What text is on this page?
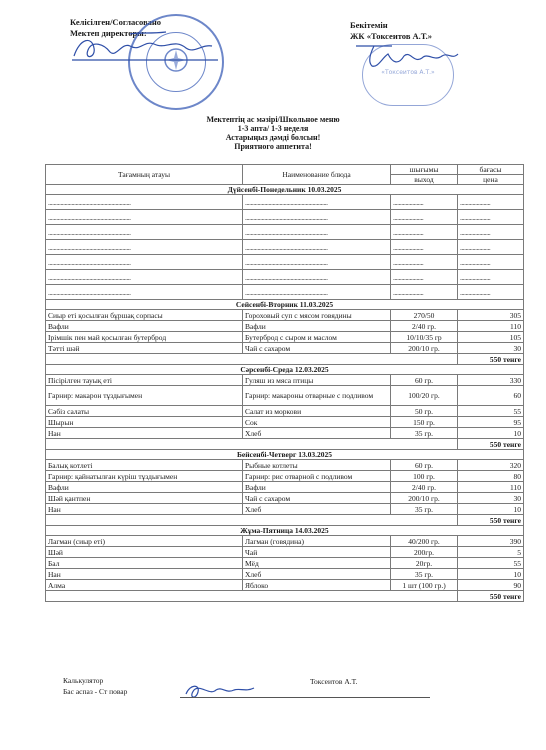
Келісілген/Согласовано
Мектеп директоры:
Бекітемін
ЖК «Токсеитов А.Т.»
«Токсеитов А.Т.»
Мектептің ас мәзірі/Школьное меню
1-3 апта/ 1-3 неделя
Астарыңыз дәмді болсын!
Приятного аппетита!
Тағамның атауы	Наименование блюда	шығымы	бағасы
		выход	цена
Дүйсенбі-Понедельник 10.03.2025			
............................................................	............................................................	......................	......................
............................................................	............................................................	......................	......................
............................................................	............................................................	......................	......................
............................................................	............................................................	......................	......................
............................................................	............................................................	......................	......................
............................................................	............................................................	......................	......................
............................................................	............................................................	......................	......................
Сейсенбі-Вторник 11.03.2025			
Сиыр еті қосылған бұршақ сорпасы	Гороховый суп с мясом говядины	270/50	305
Вафли	Вафли	2/40 гр.	110
Ірімшік пен май қосылған бутерброд	Бутерброд с сыром и маслом	10/10/35 гр	105
Тәтті шәй	Чай с сахаром	200/10 гр.	30
			550 тенге
Сәрсенбі-Среда 12.03.2025			
Пісірілген тауық еті	Гуляш из мяса птицы	60 гр.	330
Гарнир: макарон тұздығымен	Гарнир: макароны отварные с подливом	100/20 гр.	60
Сәбіз салаты	Салат из моркови	50 гр.	55
Шырын	Сок	150 гр.	95
Нан	Хлеб	35 гр.	10
			550 тенге
Бейсенбі-Четверг 13.03.2025			
Балық котлеті	Рыбные котлеты	60 гр.	320
Гарнир: қайнатылған күріш тұздығымен	Гарнир: рис отварной с подливом	100 гр.	80
Вафли	Вафли	2/40 гр.	110
Шәй қантпен	Чай с сахаром	200/10 гр.	30
Нан	Хлеб	35 гр.	10
			550 тенге
Жұма-Пятница 14.03.2025			
Лагман (сиыр еті)	Лагман (говядина)	40/200 гр.	390
Шәй	Чай	200гр.	5
Бал	Мёд	20гр.	55
Нан	Хлеб	35 гр.	10
Алма	Яблоко	1 шт (100 гр.)	90
			550 тенге
Калькулятор
Бас аспаз - Ст повар
Токсеитов А.Т.
